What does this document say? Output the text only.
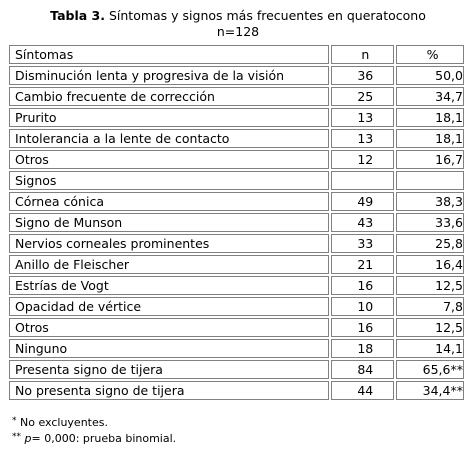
Tabla 3. Síntomas y signos más frecuentes en queratocono
n=128
Síntomas	n	%
Disminución lenta y progresiva de la visión	36	50,0
Cambio frecuente de corrección	25	34,7
Prurito	13	18,1
Intolerancia a la lente de contacto	13	18,1
Otros	12	16,7
Signos		
Córnea cónica	49	38,3
Signo de Munson	43	33,6
Nervios corneales prominentes	33	25,8
Anillo de Fleischer	21	16,4
Estrías de Vogt	16	12,5
Opacidad de vértice	10	7,8
Otros	16	12,5
Ninguno	18	14,1
Presenta signo de tijera	84	65,6**
No presenta signo de tijera	44	34,4**
* No excluyentes.
** p= 0,000: prueba binomial.
